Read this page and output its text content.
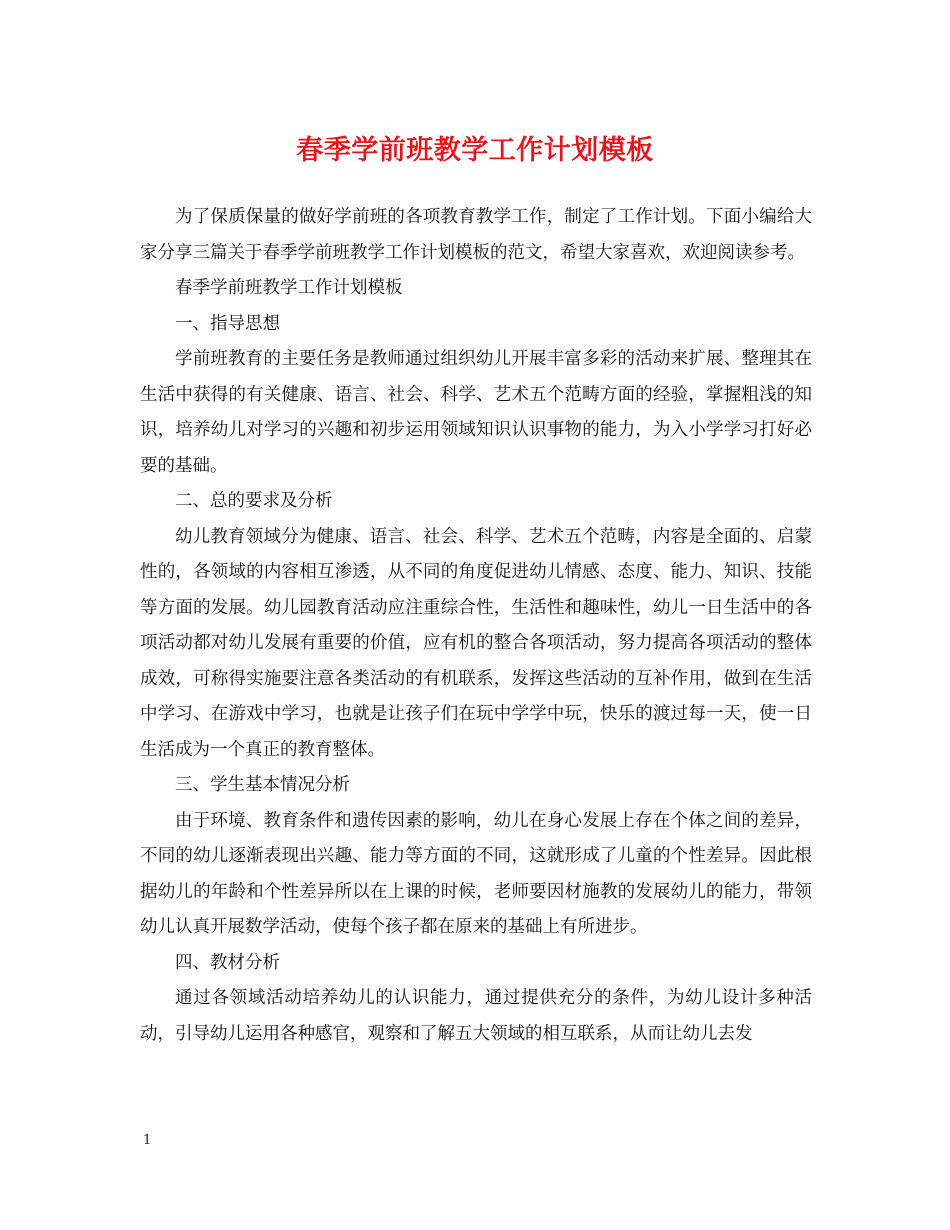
春季学前班教学工作计划模板

为了保质保量的做好学前班的各项教育教学工作，制定了工作计划。下面小编给大家分享三篇关于春季学前班教学工作计划模板的范文，希望大家喜欢，欢迎阅读参考。

春季学前班教学工作计划模板

一、指导思想

学前班教育的主要任务是教师通过组织幼儿开展丰富多彩的活动来扩展、整理其在生活中获得的有关健康、语言、社会、科学、艺术五个范畴方面的经验，掌握粗浅的知识，培养幼儿对学习的兴趣和初步运用领域知识认识事物的能力，为入小学学习打好必要的基础。

二、总的要求及分析

幼儿教育领域分为健康、语言、社会、科学、艺术五个范畴，内容是全面的、启蒙性的，各领域的内容相互渗透，从不同的角度促进幼儿情感、态度、能力、知识、技能等方面的发展。幼儿园教育活动应注重综合性，生活性和趣味性，幼儿一日生活中的各项活动都对幼儿发展有重要的价值，应有机的整合各项活动，努力提高各项活动的整体成效，可称得实施要注意各类活动的有机联系，发挥这些活动的互补作用，做到在生活中学习、在游戏中学习，也就是让孩子们在玩中学学中玩，快乐的渡过每一天，使一日生活成为一个真正的教育整体。

三、学生基本情况分析

由于环境、教育条件和遗传因素的影响，幼儿在身心发展上存在个体之间的差异，不同的幼儿逐渐表现出兴趣、能力等方面的不同，这就形成了儿童的个性差异。因此根据幼儿的年龄和个性差异所以在上课的时候，老师要因材施教的发展幼儿的能力，带领幼儿认真开展数学活动，使每个孩子都在原来的基础上有所进步。

四、教材分析

通过各领域活动培养幼儿的认识能力，通过提供充分的条件，为幼儿设计多种活动，引导幼儿运用各种感官，观察和了解五大领域的相互联系，从而让幼儿去发

1
